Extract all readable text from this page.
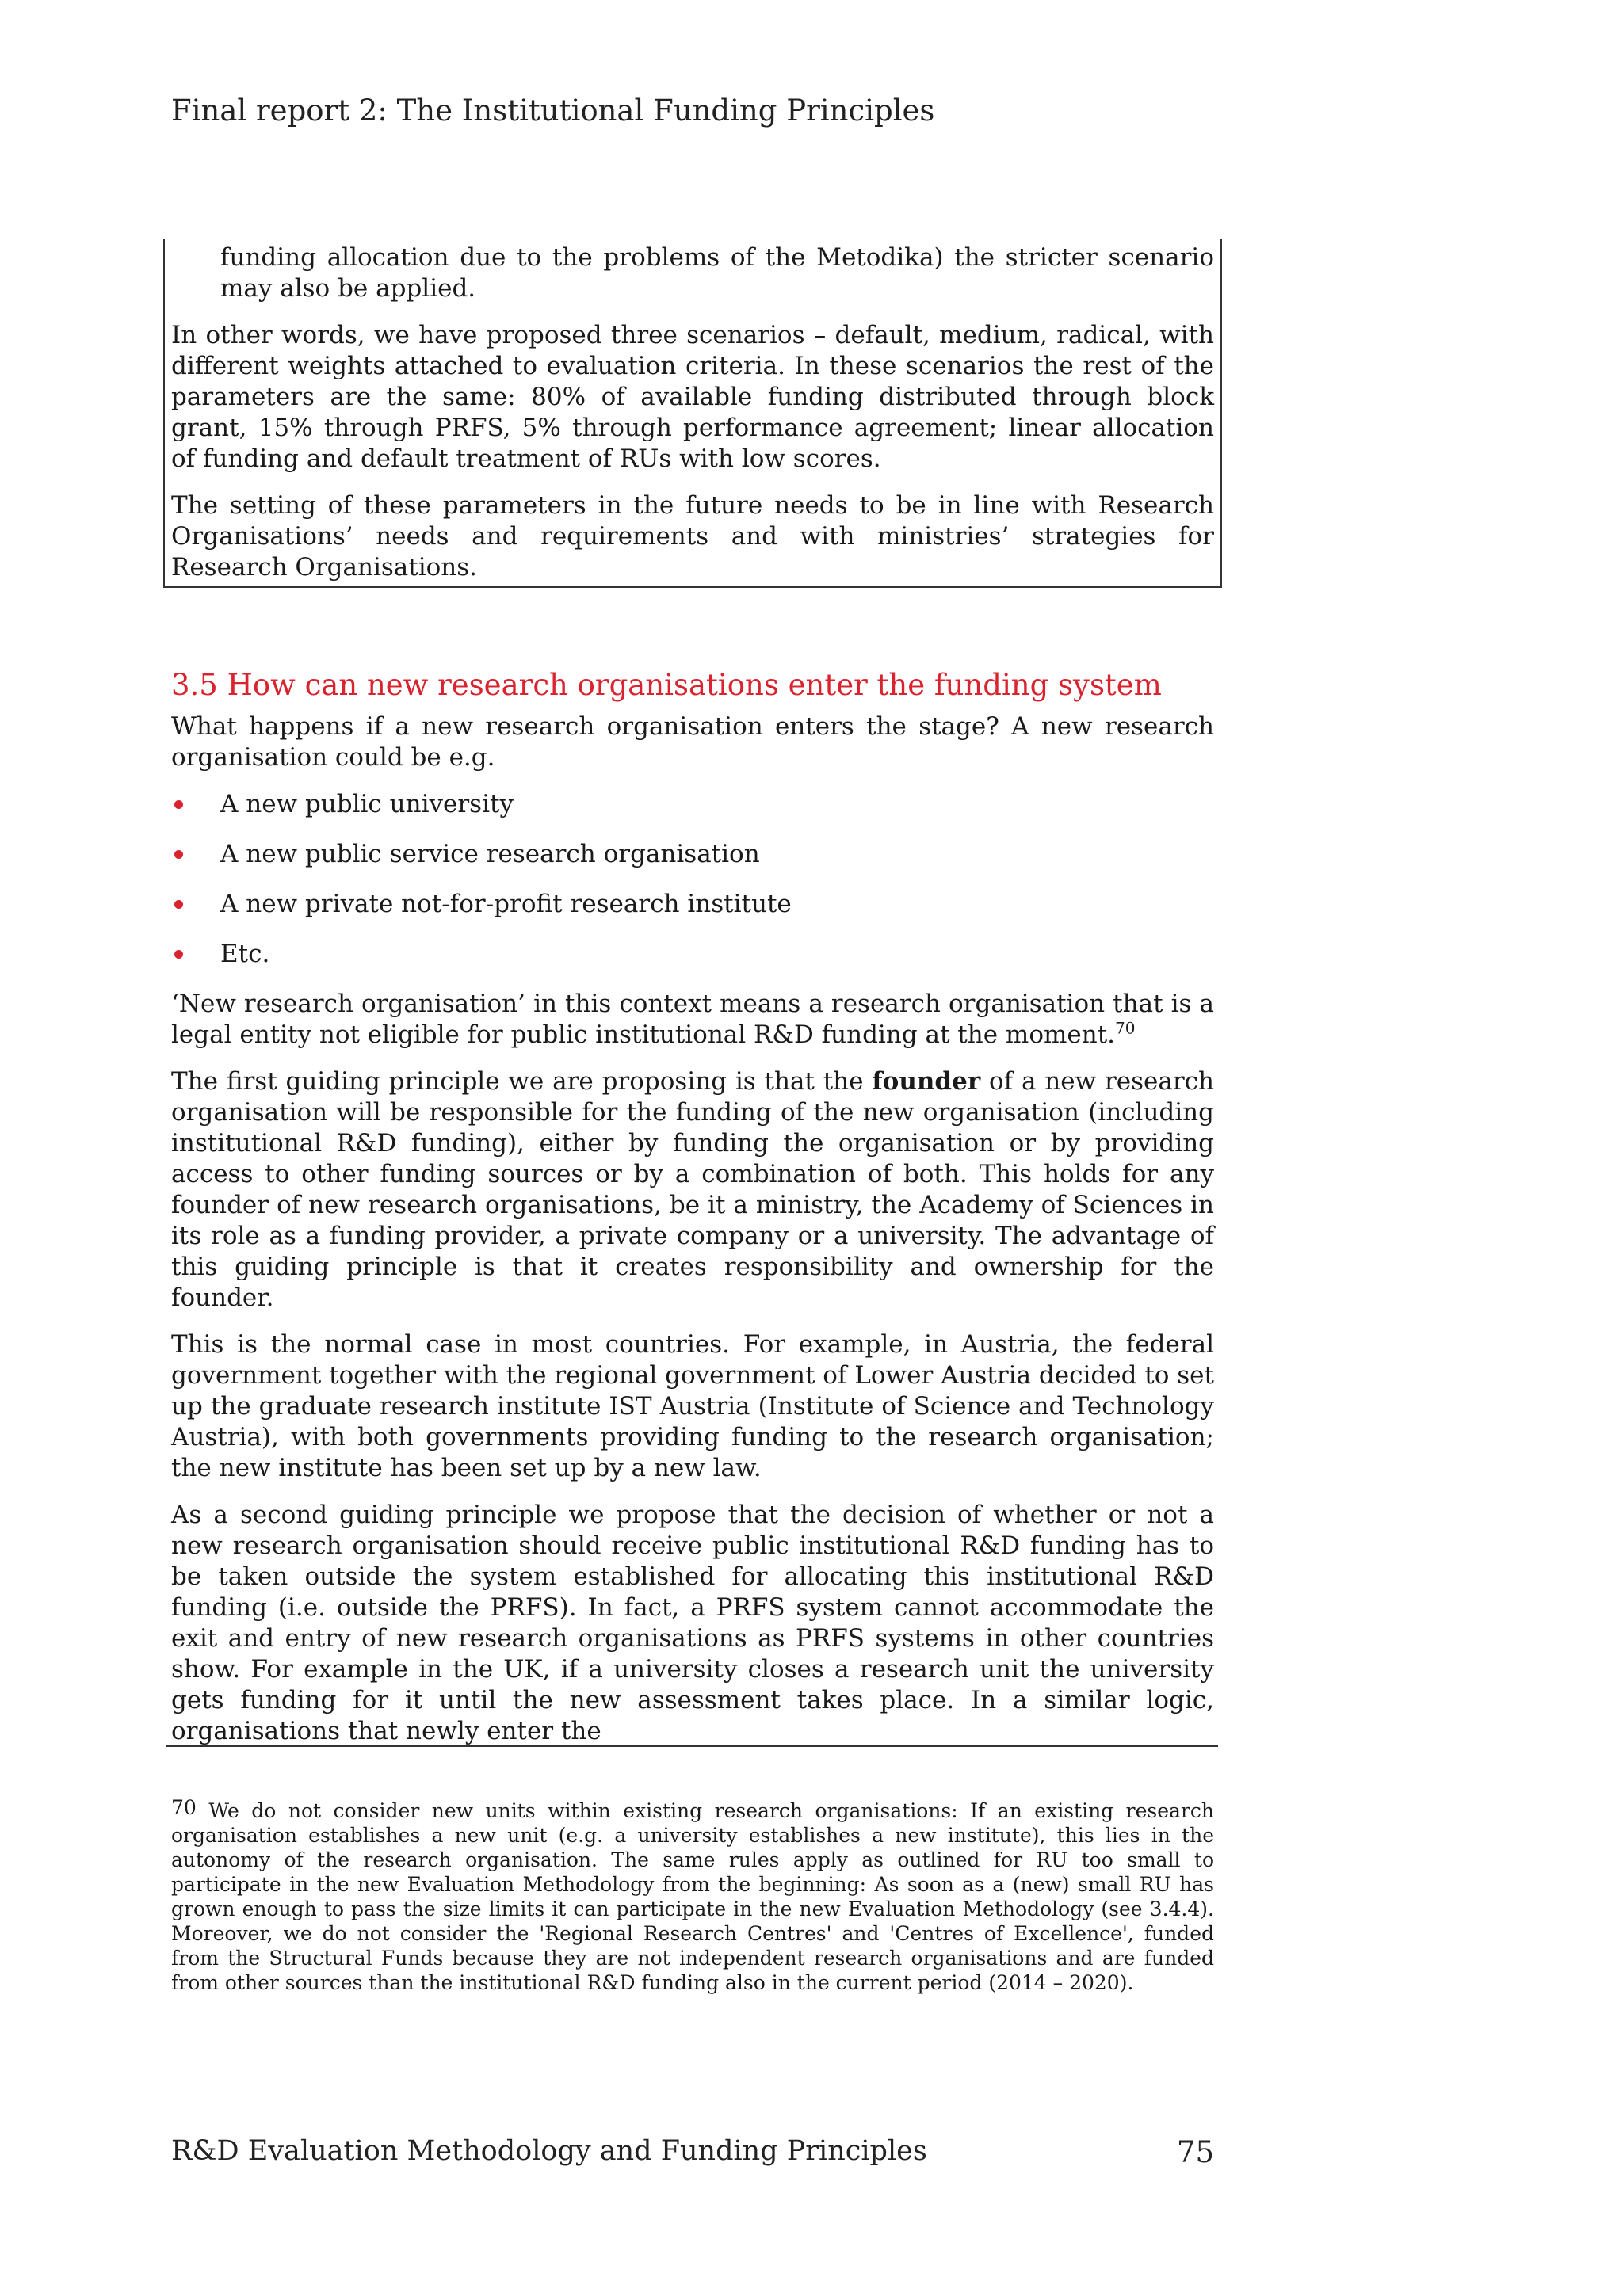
Final report 2: The Institutional Funding Principles

funding allocation due to the problems of the Metodika) the stricter scenario may also be applied.

In other words, we have proposed three scenarios – default, medium, radical, with different weights attached to evaluation criteria. In these scenarios the rest of the parameters are the same: 80% of available funding distributed through block grant, 15% through PRFS, 5% through performance agreement; linear allocation of funding and default treatment of RUs with low scores.

The setting of these parameters in the future needs to be in line with Research Organisations’ needs and requirements and with ministries’ strategies for Research Organisations.

3.5 How can new research organisations enter the funding system

What happens if a new research organisation enters the stage? A new research organisation could be e.g.

A new public university
A new public service research organisation
A new private not-for-profit research institute
Etc.

‘New research organisation’ in this context means a research organisation that is a legal entity not eligible for public institutional R&D funding at the moment.$^{70}$

The first guiding principle we are proposing is that the founder of a new research organisation will be responsible for the funding of the new organisation (including institutional R&D funding), either by funding the organisation or by providing access to other funding sources or by a combination of both. This holds for any founder of new research organisations, be it a ministry, the Academy of Sciences in its role as a funding provider, a private company or a university. The advantage of this guiding principle is that it creates responsibility and ownership for the founder.

This is the normal case in most countries. For example, in Austria, the federal government together with the regional government of Lower Austria decided to set up the graduate research institute IST Austria (Institute of Science and Technology Austria), with both governments providing funding to the research organisation; the new institute has been set up by a new law.

As a second guiding principle we propose that the decision of whether or not a new research organisation should receive public institutional R&D funding has to be taken outside the system established for allocating this institutional R&D funding (i.e. outside the PRFS). In fact, a PRFS system cannot accommodate the exit and entry of new research organisations as PRFS systems in other countries show. For example in the UK, if a university closes a research unit the university gets funding for it until the new assessment takes place. In a similar logic, organisations that newly enter the

70 We do not consider new units within existing research organisations: If an existing research organisation establishes a new unit (e.g. a university establishes a new institute), this lies in the autonomy of the research organisation. The same rules apply as outlined for RU too small to participate in the new Evaluation Methodology from the beginning: As soon as a (new) small RU has grown enough to pass the size limits it can participate in the new Evaluation Methodology (see 3.4.4). Moreover, we do not consider the 'Regional Research Centres' and 'Centres of Excellence', funded from the Structural Funds because they are not independent research organisations and are funded from other sources than the institutional R&D funding also in the current period (2014 – 2020).
R&D Evaluation Methodology and Funding Principles	75
